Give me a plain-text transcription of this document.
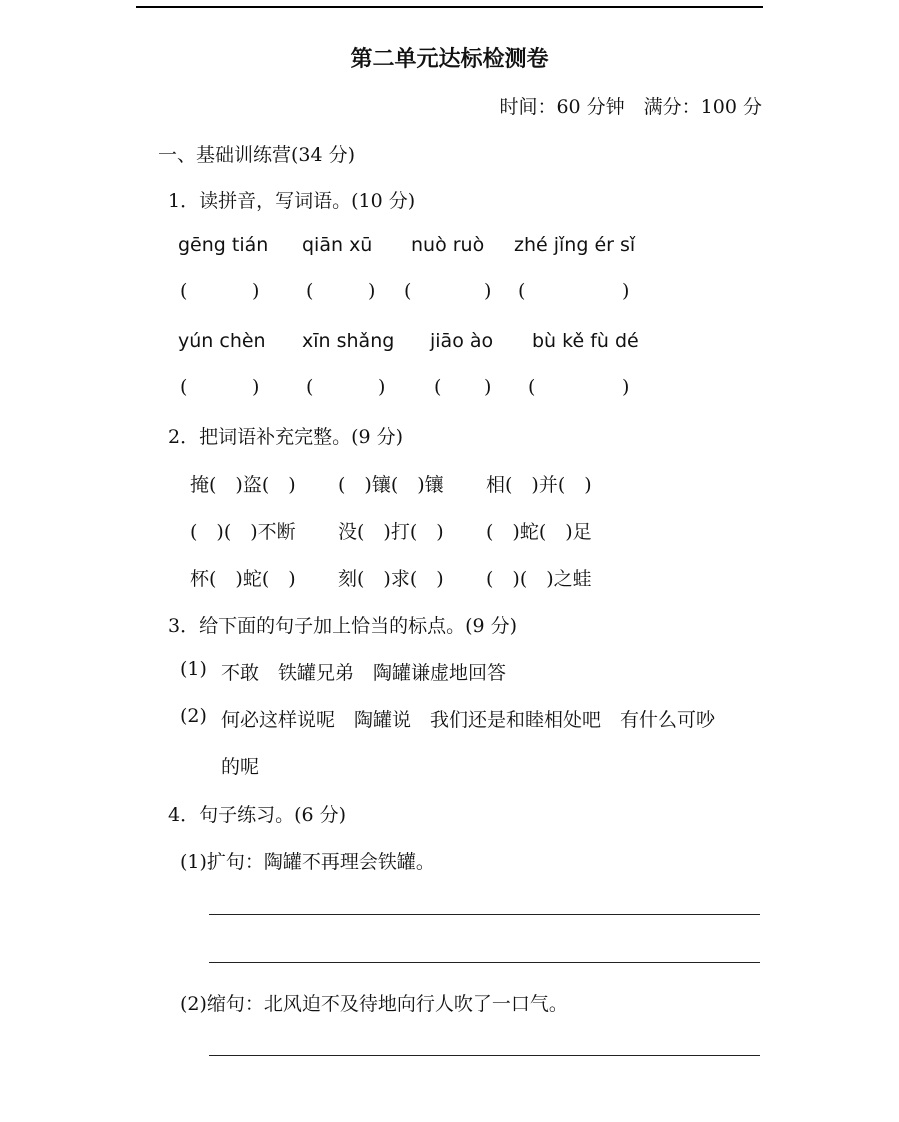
第二单元达标检测卷
时间：60 分钟　满分：100 分
一、基础训练营(34 分)
1．读拼音，写词语。(10 分)
gēng tián qiān xū nuò ruò zhé jǐng ér sǐ
(	) (	) (	) (	)
yún chèn xīn shǎng jiāo ào bù kě fù dé
(	) (	)	( ) (	)
2．把词语补充完整。(9 分)
掩(　)盗(　) (　)镶(　)镶 相(　)并(　)
(　)(　)不断 没(　)打(　) (　)蛇(　)足
杯(　)蛇(　) 刻(　)求(　) (　)(　)之蛙
3．给下面的句子加上恰当的标点。(9 分)
(1) 不敢　铁罐兄弟　陶罐谦虚地回答
(2) 何必这样说呢　陶罐说　我们还是和睦相处吧　有什么可吵
的呢
4．句子练习。(6 分)
(1)扩句：陶罐不再理会铁罐。
(2)缩句：北风迫不及待地向行人吹了一口气。
